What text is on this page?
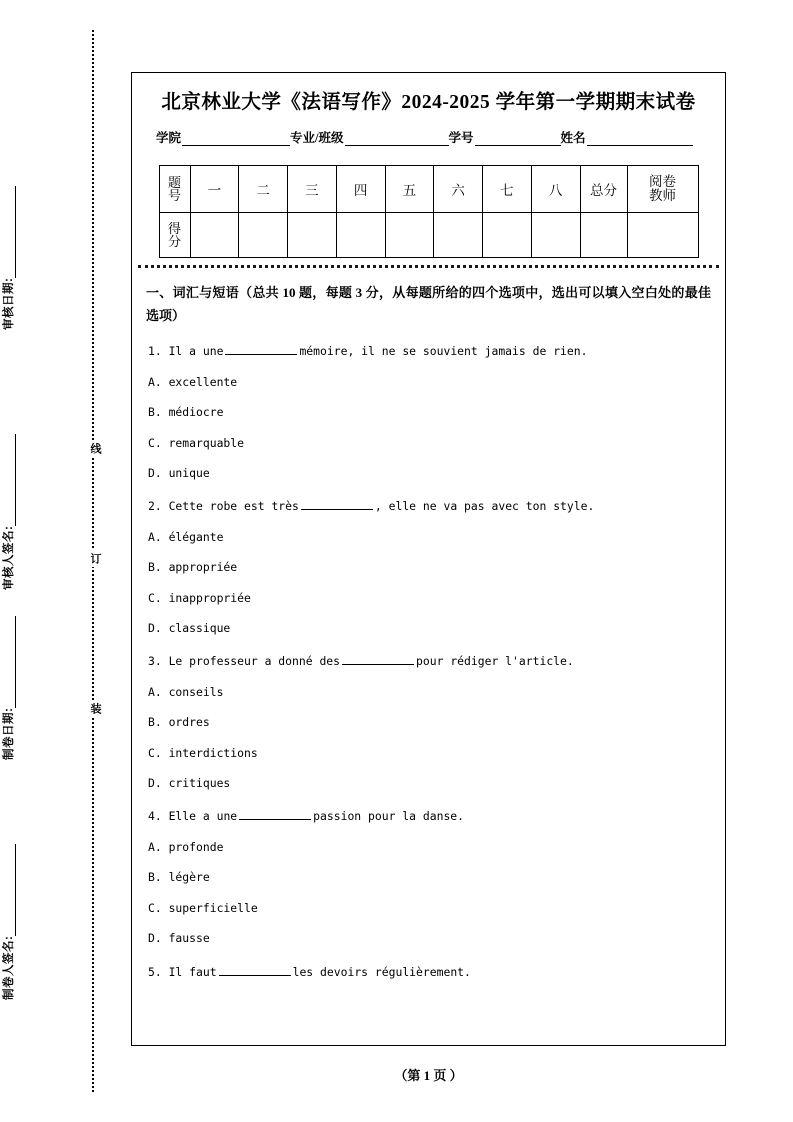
审核日期:
审核人签名:
制卷日期:
制卷人签名:
线
订
装
北京林业大学《法语写作》2024‐2025 学年第一学期期末试卷
学院	专业/班级	学号	姓名
题
号	一	二	三	四	五	六	七	八	总分	阅卷
教师

得
分										

一、词汇与短语（总共 10 题，每题 3 分，从每题所给的四个选项中，选出可以填入空白处的最佳选项）
1. Il a une	mémoire, il ne se souvient jamais de rien.
A. excellente
B. médiocre
C. remarquable
D. unique
2. Cette robe est très	, elle ne va pas avec ton style.
A. élégante
B. appropriée
C. inappropriée
D. classique
3. Le professeur a donné des	pour rédiger l'article.
A. conseils
B. ordres
C. interdictions
D. critiques
4. Elle a une	passion pour la danse.
A. profonde
B. légère
C. superficielle
D. fausse
5. Il faut	les devoirs régulièrement.
（第 1 页 ）
